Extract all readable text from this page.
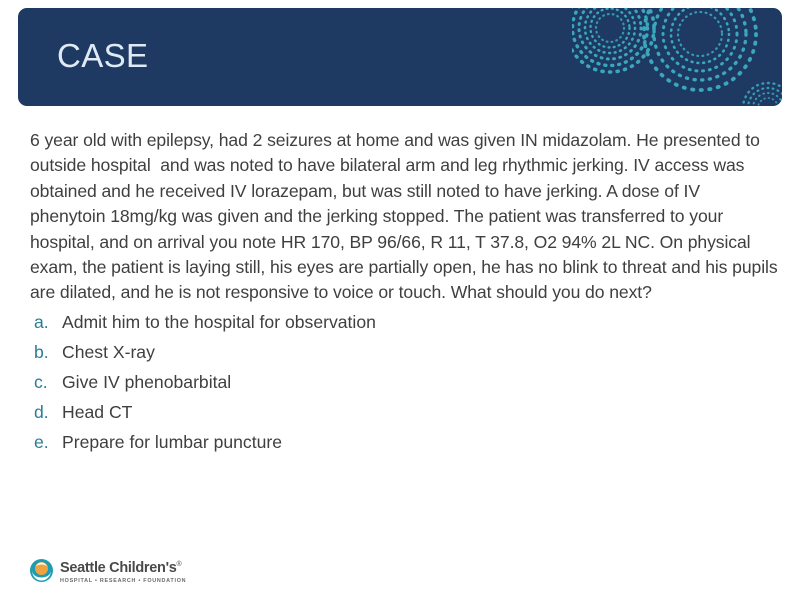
CASE

6 year old with epilepsy, had 2 seizures at home and was given IN midazolam. He presented to outside hospital  and was noted to have bilateral arm and leg rhythmic jerking. IV access was obtained and he received IV lorazepam, but was still noted to have jerking. A dose of IV phenytoin 18mg/kg was given and the jerking stopped. The patient was transferred to your hospital, and on arrival you note HR 170, BP 96/66, R 11, T 37.8, O2 94% 2L NC. On physical exam, the patient is laying still, his eyes are partially open, he has no blink to threat and his pupils are dilated, and he is not responsive to voice or touch. What should you do next?

a. Admit him to the hospital for observation
b. Chest X-ray
c. Give IV phenobarbital
d. Head CT
e. Prepare for lumbar puncture
Seattle Children's®
HOSPITAL • RESEARCH • FOUNDATION
